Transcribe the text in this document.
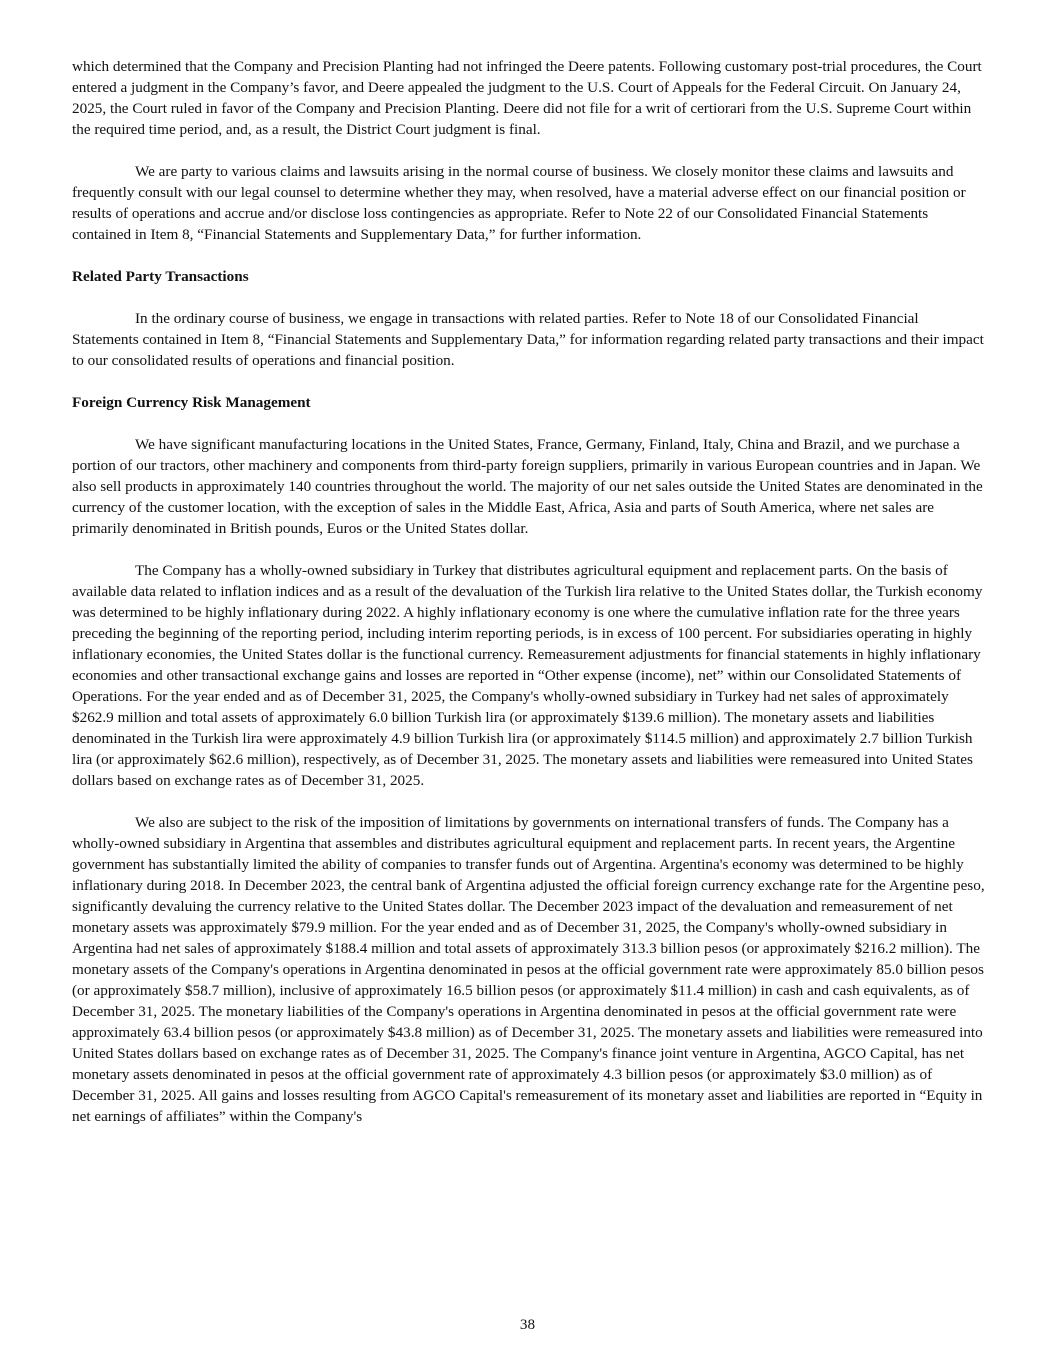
which determined that the Company and Precision Planting had not infringed the Deere patents. Following customary post-trial procedures, the Court entered a judgment in the Company’s favor, and Deere appealed the judgment to the U.S. Court of Appeals for the Federal Circuit. On January 24, 2025, the Court ruled in favor of the Company and Precision Planting. Deere did not file for a writ of certiorari from the U.S. Supreme Court within the required time period, and, as a result, the District Court judgment is final.

We are party to various claims and lawsuits arising in the normal course of business. We closely monitor these claims and lawsuits and frequently consult with our legal counsel to determine whether they may, when resolved, have a material adverse effect on our financial position or results of operations and accrue and/or disclose loss contingencies as appropriate. Refer to Note 22 of our Consolidated Financial Statements contained in Item 8, “Financial Statements and Supplementary Data,” for further information.

Related Party Transactions

In the ordinary course of business, we engage in transactions with related parties. Refer to Note 18 of our Consolidated Financial Statements contained in Item 8, “Financial Statements and Supplementary Data,” for information regarding related party transactions and their impact to our consolidated results of operations and financial position.

Foreign Currency Risk Management

We have significant manufacturing locations in the United States, France, Germany, Finland, Italy, China and Brazil, and we purchase a portion of our tractors, other machinery and components from third-party foreign suppliers, primarily in various European countries and in Japan. We also sell products in approximately 140 countries throughout the world. The majority of our net sales outside the United States are denominated in the currency of the customer location, with the exception of sales in the Middle East, Africa, Asia and parts of South America, where net sales are primarily denominated in British pounds, Euros or the United States dollar.

The Company has a wholly-owned subsidiary in Turkey that distributes agricultural equipment and replacement parts. On the basis of available data related to inflation indices and as a result of the devaluation of the Turkish lira relative to the United States dollar, the Turkish economy was determined to be highly inflationary during 2022. A highly inflationary economy is one where the cumulative inflation rate for the three years preceding the beginning of the reporting period, including interim reporting periods, is in excess of 100 percent. For subsidiaries operating in highly inflationary economies, the United States dollar is the functional currency. Remeasurement adjustments for financial statements in highly inflationary economies and other transactional exchange gains and losses are reported in “Other expense (income), net” within our Consolidated Statements of Operations. For the year ended and as of December 31, 2025, the Company's wholly-owned subsidiary in Turkey had net sales of approximately $262.9 million and total assets of approximately 6.0 billion Turkish lira (or approximately $139.6 million). The monetary assets and liabilities denominated in the Turkish lira were approximately 4.9 billion Turkish lira (or approximately $114.5 million) and approximately 2.7 billion Turkish lira (or approximately $62.6 million), respectively, as of December 31, 2025. The monetary assets and liabilities were remeasured into United States dollars based on exchange rates as of December 31, 2025.

We also are subject to the risk of the imposition of limitations by governments on international transfers of funds. The Company has a wholly-owned subsidiary in Argentina that assembles and distributes agricultural equipment and replacement parts. In recent years, the Argentine government has substantially limited the ability of companies to transfer funds out of Argentina. Argentina's economy was determined to be highly inflationary during 2018. In December 2023, the central bank of Argentina adjusted the official foreign currency exchange rate for the Argentine peso, significantly devaluing the currency relative to the United States dollar. The December 2023 impact of the devaluation and remeasurement of net monetary assets was approximately $79.9 million. For the year ended and as of December 31, 2025, the Company's wholly-owned subsidiary in Argentina had net sales of approximately $188.4 million and total assets of approximately 313.3 billion pesos (or approximately $216.2 million). The monetary assets of the Company's operations in Argentina denominated in pesos at the official government rate were approximately 85.0 billion pesos (or approximately $58.7 million), inclusive of approximately 16.5 billion pesos (or approximately $11.4 million) in cash and cash equivalents, as of December 31, 2025. The monetary liabilities of the Company's operations in Argentina denominated in pesos at the official government rate were approximately 63.4 billion pesos (or approximately $43.8 million) as of December 31, 2025. The monetary assets and liabilities were remeasured into United States dollars based on exchange rates as of December 31, 2025. The Company's finance joint venture in Argentina, AGCO Capital, has net monetary assets denominated in pesos at the official government rate of approximately 4.3 billion pesos (or approximately $3.0 million) as of December 31, 2025. All gains and losses resulting from AGCO Capital's remeasurement of its monetary asset and liabilities are reported in “Equity in net earnings of affiliates” within the Company's

38
